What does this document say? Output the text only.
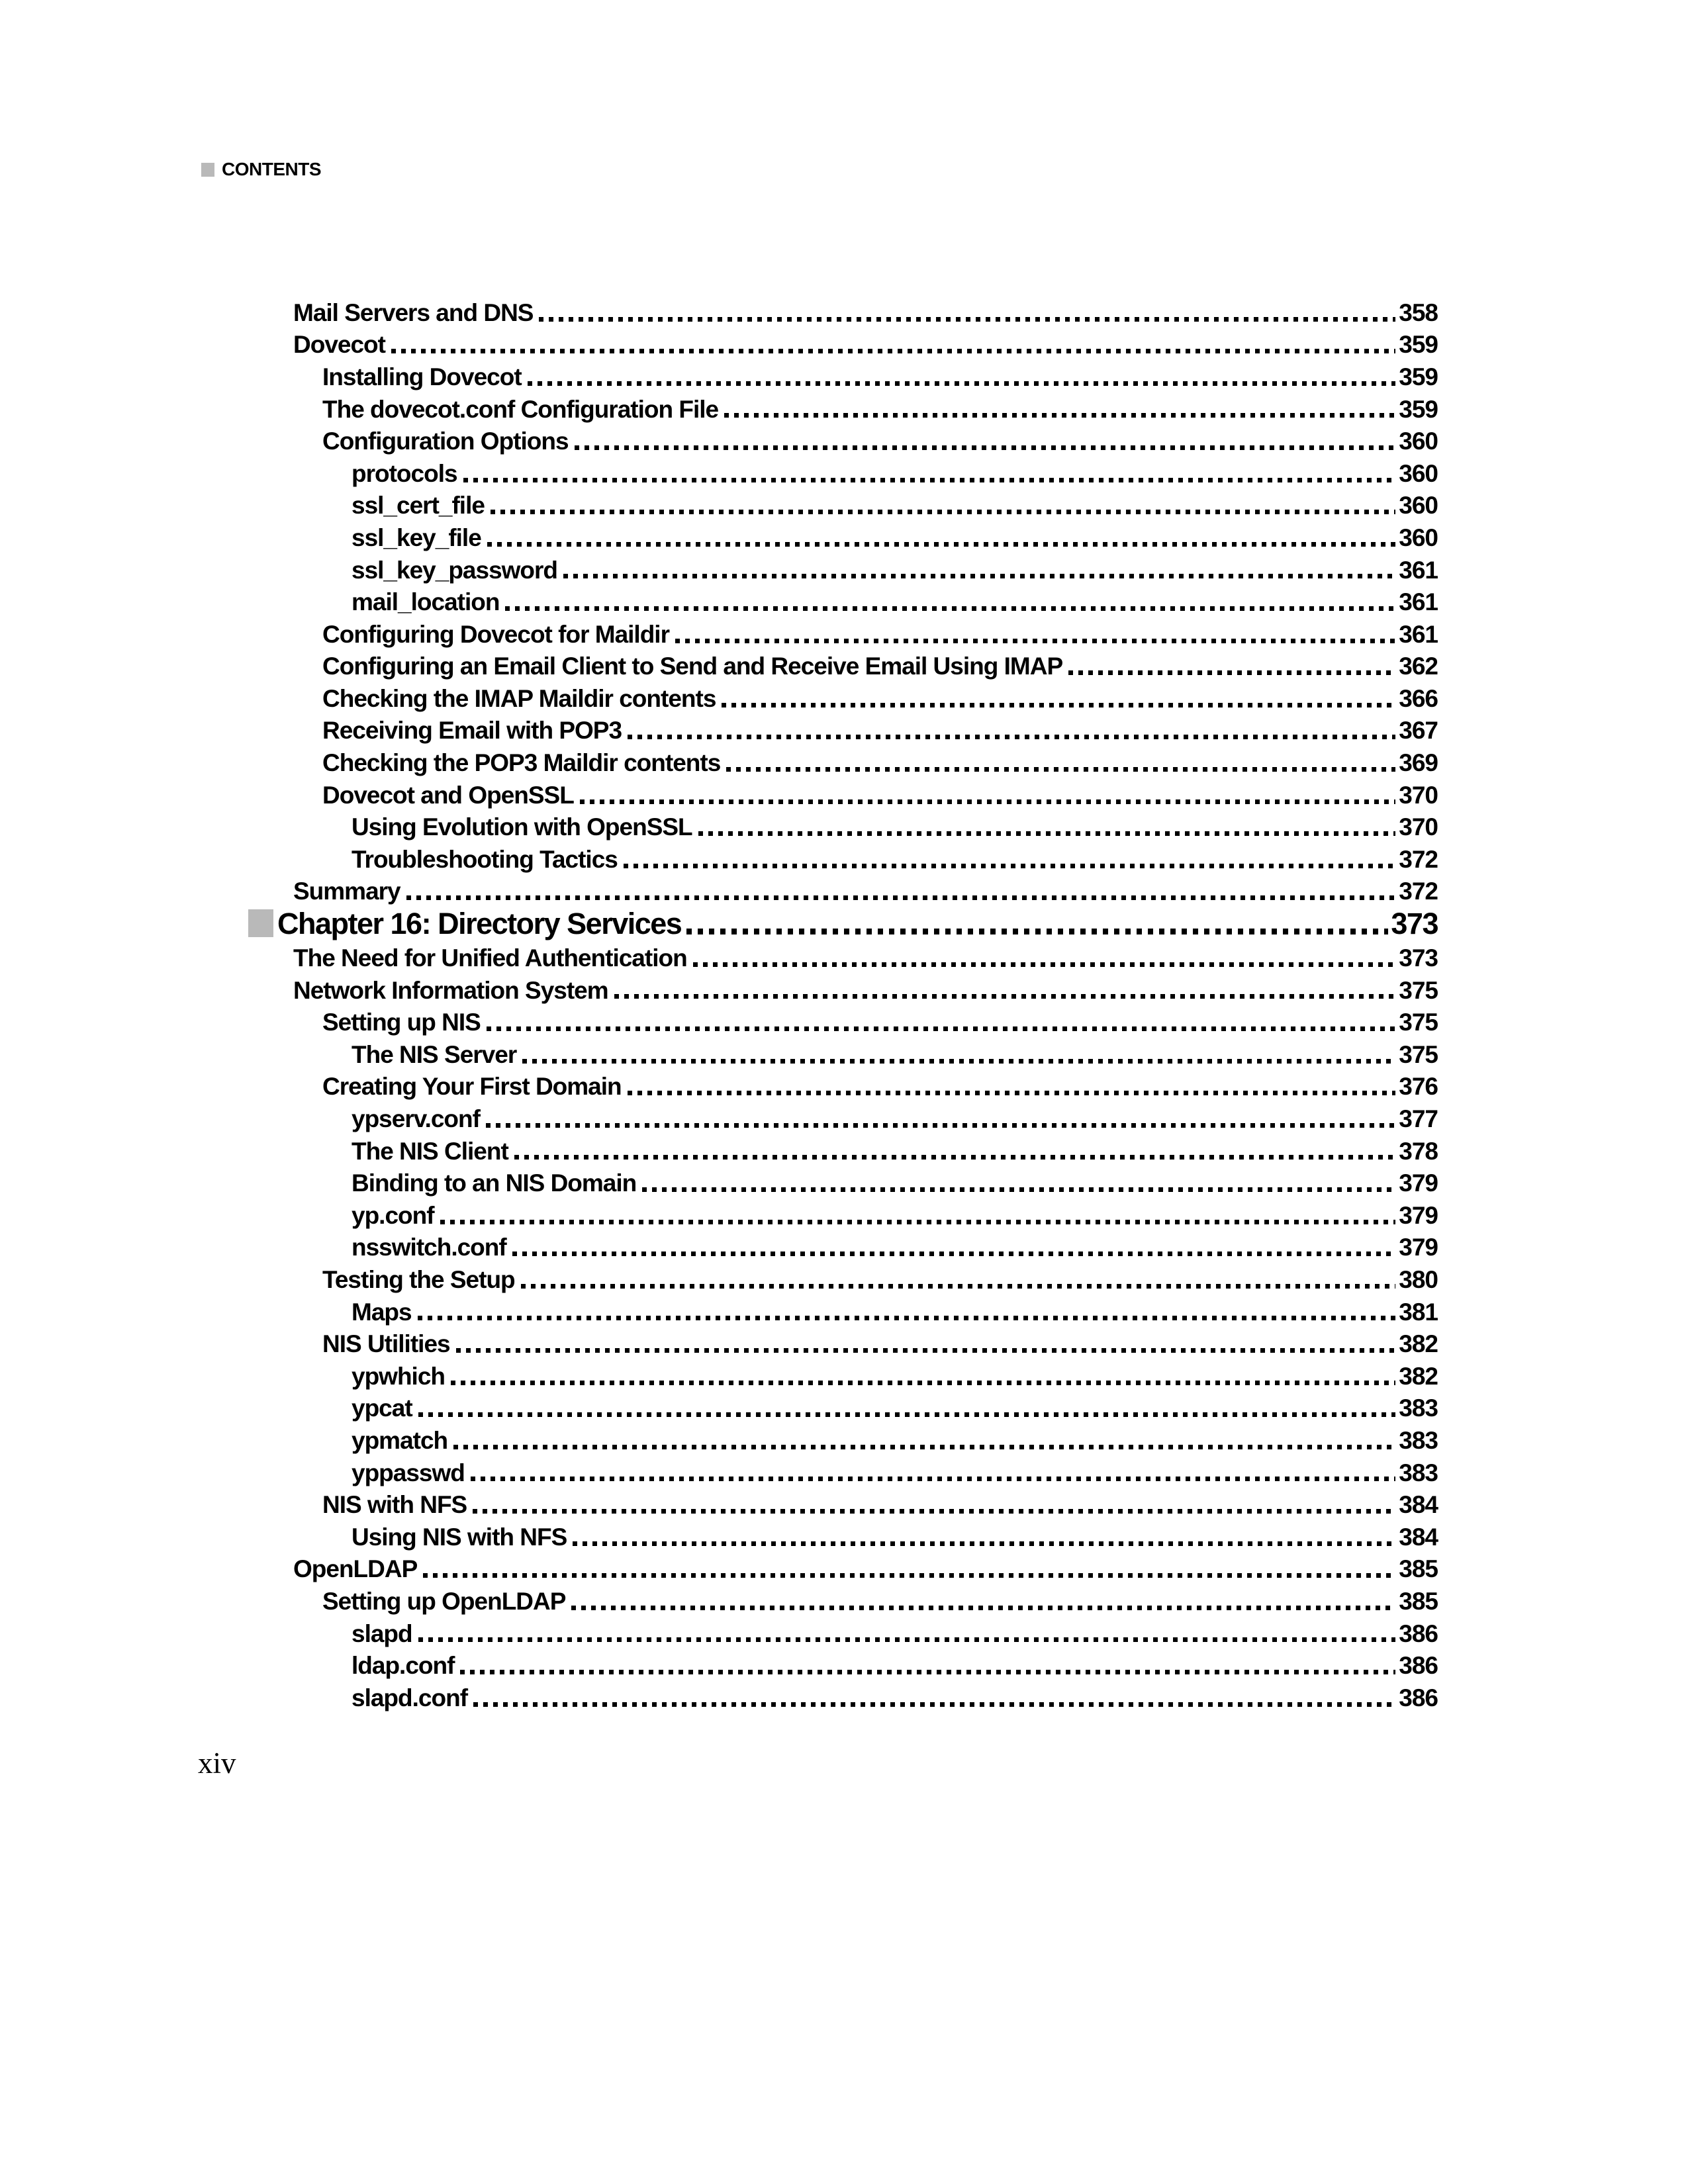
CONTENTS
Mail Servers and DNS	358
Dovecot	359
Installing Dovecot	359
The dovecot.conf Configuration File	359
Configuration Options	360
protocols	360
ssl_cert_file	360
ssl_key_file	360
ssl_key_password	361
mail_location	361
Configuring Dovecot for Maildir	361
Configuring an Email Client to Send and Receive Email Using IMAP	362
Checking the IMAP Maildir contents	366
Receiving Email with POP3	367
Checking the POP3 Maildir contents	369
Dovecot and OpenSSL	370
Using Evolution with OpenSSL	370
Troubleshooting Tactics	372
Summary	372
Chapter 16: Directory Services	373
The Need for Unified Authentication	373
Network Information System	375
Setting up NIS	375
The NIS Server	375
Creating Your First Domain	376
ypserv.conf	377
The NIS Client	378
Binding to an NIS Domain	379
yp.conf	379
nsswitch.conf	379
Testing the Setup	380
Maps	381
NIS Utilities	382
ypwhich	382
ypcat	383
ypmatch	383
yppasswd	383
NIS with NFS	384
Using NIS with NFS	384
OpenLDAP	385
Setting up OpenLDAP	385
slapd	386
ldap.conf	386
slapd.conf	386
xiv
